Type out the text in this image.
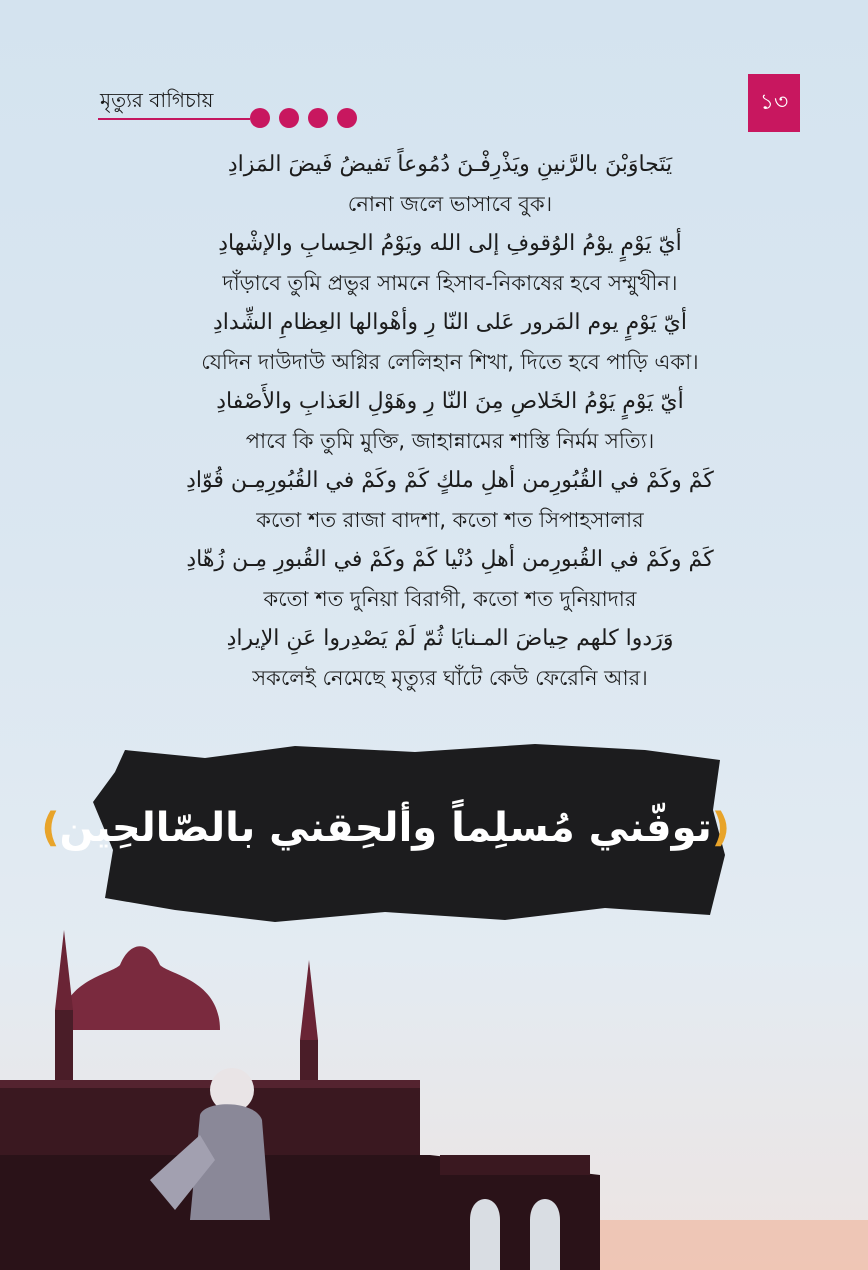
মৃত্যুর বাগিচায়	১৩
يَتَجاوَبْنَ بالرَّنينِ ويَذْرِفْـنَ دُمُوعاً تَفيضُ فَيضَ المَزادِ
নোনা জলে ভাসাবে বুক।
أيّ يَوْمٍ يوْمُ الوُقوفِ إلى الله ويَوْمُ الحِسابِ والإشْهادِ
দাঁড়াবে তুমি প্রভুর সামনে হিসাব-নিকাষের হবে সম্মুখীন।
أيّ يَوْمٍ يوم المَرور عَلى النّا رِ وأهْوالها العِظامِ الشِّدادِ
যেদিন দাউদাউ অগ্নির লেলিহান শিখা, দিতে হবে পাড়ি একা।
أيّ يَوْمٍ يَوْمُ الخَلاصِ مِنَ النّا رِ وهَوْلِ العَذابِ والأَصْفادِ
পাবে কি তুমি মুক্তি, জাহান্নামের শাস্তি নির্মম সত্যি।
كَمْ وكَمْ في القُبُورِمن أهلِ ملكٍ كَمْ وكَمْ في القُبُورِمِـن قُوّادِ
কতো শত রাজা বাদশা, কতো শত সিপাহসালার
كَمْ وكَمْ في القُبورِمن أهلِ دُنْيا كَمْ وكَمْ في القُبورِ مِـن زُهّادِ
কতো শত দুনিয়া বিরাগী, কতো শত দুনিয়াদার
وَرَدوا كلهم حِياضَ المـنايَا ثُمّ لَمْ يَصْدِروا عَنِ الإيرادِ
সকলেই নেমেছে মৃত্যুর ঘাঁটে কেউ ফেরেনি আর।
(توفّني مُسلِماً وألحِقني بالصّالحِين)
